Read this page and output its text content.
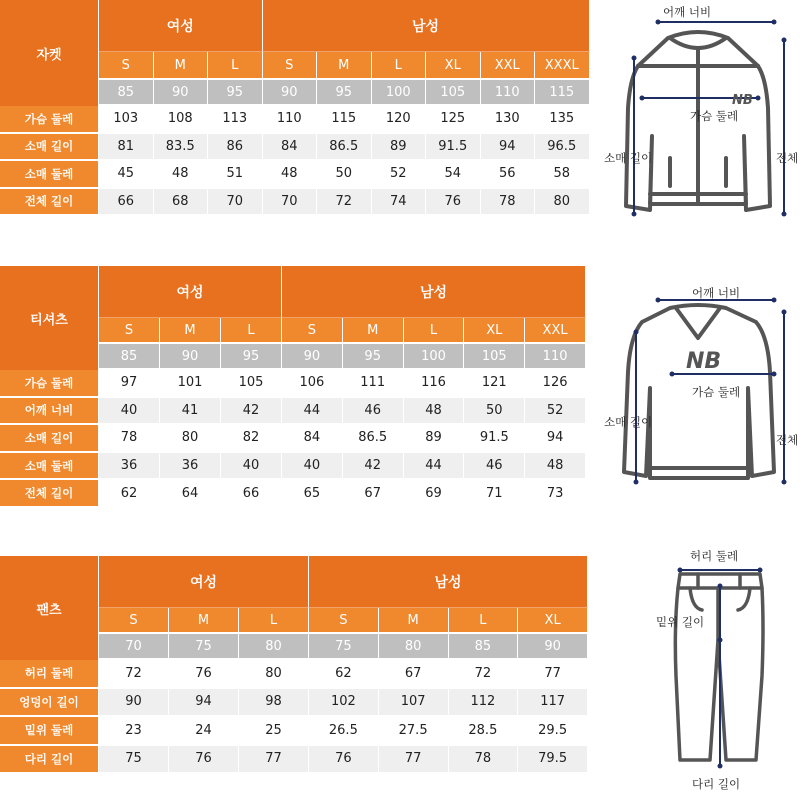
자켓
여성	남성
S	M	L	S	M	L	XL	XXL	XXXL
85	90	95	90	95	100	105	110	115
가슴 둘레	103	108	113	110	115	120	125	130	135
소매 길이	81	83.5	86	84	86.5	89	91.5	94	96.5
소매 둘레	45	48	51	48	50	52	54	56	58
전체 길이	66	68	70	70	72	74	76	78	80
티셔츠
여성	남성
S	M	L	S	M	L	XL	XXL
85	90	95	90	95	100	105	110
가슴 둘레	97	101	105	106	111	116	121	126
어깨 너비	40	41	42	44	46	48	50	52
소매 길이	78	80	82	84	86.5	89	91.5	94
소매 둘레	36	36	40	40	42	44	46	48
전체 길이	62	64	66	65	67	69	71	73
팬츠
여성	남성
S	M	L	S	M	L	XL
70	75	80	75	80	85	90
허리 둘레	72	76	80	62	67	72	77
엉덩이 길이	90	94	98	102	107	112	117
밑위 둘레	23	24	25	26.5	27.5	28.5	29.5
다리 길이	75	76	77	76	77	78	79.5
NB
어깨 너비
가슴 둘레
소매 길이	전체
NB
어깨 너비
가슴 둘레
소매 길이
전체
허리 둘레
밑위 길이
다리 길이
